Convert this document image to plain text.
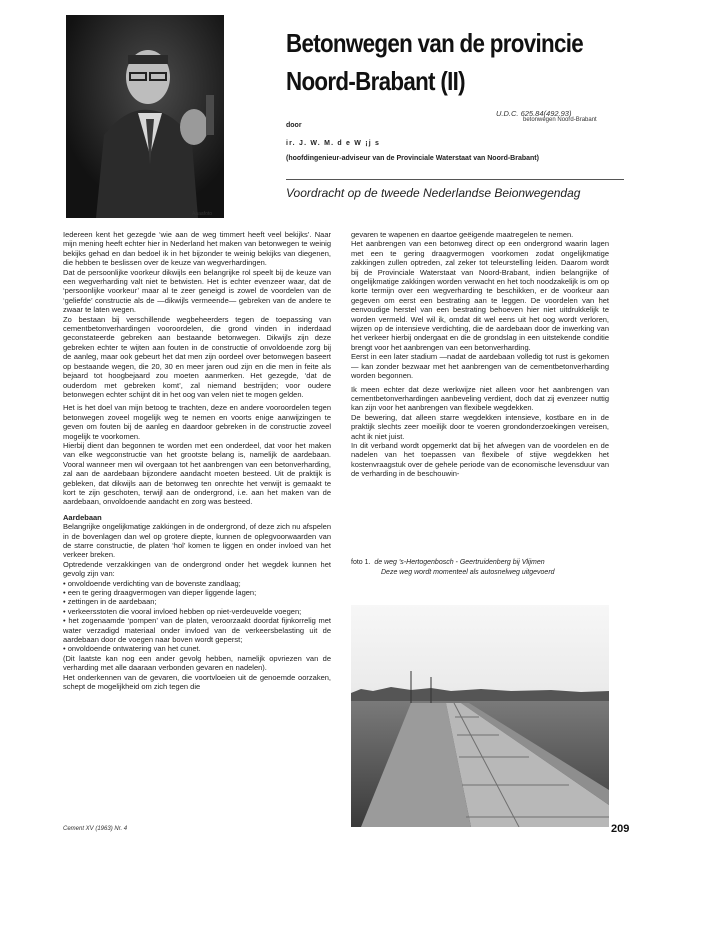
Aaaafoto
Betonwegen van de provincie
Noord-Brabant (II)
U.D.C. 625.84(492.93)
betonwegen Noord-Brabant
door
ir. J. W. M. d e W ¡j s
(hoofdingenieur-adviseur van de Provinciale Waterstaat van Noord-Brabant)
Voordracht op de tweede Nederlandse Beionwegendag

Iedereen kent het gezegde ‘wie aan de weg timmert heeft veel bekijks’. Naar mijn mening heeft echter hier in Nederland het maken van betonwegen te weinig bekijks gehad en dan bedoel ik in het bijzonder te weinig bekijks van diegenen, die hebben te beslissen over de keuze van wegverhardingen.

Dat de persoonlijke voorkeur dikwijls een belangrijke rol speelt bij de keuze van een wegverharding valt niet te betwisten. Het is echter evenzeer waar, dat de ‘persoonlijke voorkeur’ maar al te zeer geneigd is zowel de voordelen van de ‘geliefde’ constructie als de —dikwijls vermeende— gebreken van de andere te zwaar te laten wegen.

Zo bestaan bij verschillende wegbeheerders tegen de toepassing van cementbetonverhardingen vooroordelen, die grond vinden in inderdaad geconstateerde gebreken aan bestaande betonwegen. Dikwijls zijn deze gebreken echter te wijten aan fouten in de constructie of onvoldoende zorg bij de aanleg, maar ook gebeurt het dat men zijn oordeel over betonwegen baseert op bestaande wegen, die 20, 30 en meer jaren oud zijn en die men in feite als bejaard tot hoogbejaard zou moeten aanmerken. Het gezegde, ‘dat de ouderdom met gebreken komt’, zal niemand bestrijden; voor oudere betonwegen echter schijnt dit in het oog van velen niet te mogen gelden.

Het is het doel van mijn betoog te trachten, deze en andere vooroordelen tegen betonwegen zoveel mogelijk weg te nemen en voorts enige aanwijzingen te geven om fouten bij de aanleg en daardoor gebreken in de constructie zoveel mogelijk te voorkomen.

Hierbij dient dan begonnen te worden met een onderdeel, dat voor het maken van elke wegconstructie van het grootste belang is, namelijk de aardebaan. Vooral wanneer men wil overgaan tot het aanbrengen van een betonverharding, zal aan de aardebaan bijzondere aandacht moeten besteed. Uit de praktijk is gebleken, dat dikwijls aan de betonweg ten onrechte het verwijt is gemaakt te kort te zijn geschoten, terwijl aan de ondergrond, i.e. aan het maken van de aardebaan, onvoldoende aandacht en zorg was besteed.

Aardebaan

Belangrijke ongelijkmatige zakkingen in de ondergrond, of deze zich nu afspelen in de bovenlagen dan wel op grotere diepte, kunnen de oplegvoorwaarden van de starre constructie, de platen ‘hol’ komen te liggen en onder invloed van het verkeer breken.

Optredende verzakkingen van de ondergrond onder het wegdek kunnen het gevolg zijn van:

• onvoldoende verdichting van de bovenste zandlaag;

• een te gering draagvermogen van dieper liggende lagen;

• zettingen in de aardebaan;

• verkeersstoten die vooral invloed hebben op niet-verdeuvelde voegen;

• het zogenaamde ‘pompen’ van de platen, veroorzaakt doordat fijnkorrelig met water verzadigd materiaal onder invloed van de verkeersbelasting uit de aardebaan door de voegen naar boven wordt geperst;

• onvoldoende ontwatering van het cunet.

(Dit laatste kan nog een ander gevolg hebben, namelijk opvriezen van de verharding met alle daaraan verbonden gevaren en nadelen).

Het onderkennen van de gevaren, die voortvloeien uit de genoemde oorzaken, schept de mogelijkheid om zich tegen die

gevaren te wapenen en daartoe geëigende maatregelen te nemen.

Het aanbrengen van een betonweg direct op een ondergrond waarin lagen met een te gering draagvermogen voorkomen zodat ongelijkmatige zakkingen zullen optreden, zal zeker tot teleurstelling leiden. Daarom wordt bij de Provinciale Waterstaat van Noord-Brabant, indien belangrijke of ongelijkmatige zakkingen worden verwacht en het toch noodzakelijk is om op korte termijn over een wegverharding te beschikken, er de voorkeur aan gegeven om eerst een bestrating aan te leggen. De voordelen van het eenvoudige herstel van een bestrating behoeven hier niet uitdrukkelijk te worden vermeld. Wel wil ik, omdat dit wel eens uit het oog wordt verloren, wijzen op de intensieve verdichting, die de aardebaan door de inwerking van het verkeer hierbij ondergaat en die de grondslag in een uitstekende conditie brengt voor het aanbrengen van een betonverharding.

Eerst in een later stadium —nadat de aardebaan volledig tot rust is gekomen— kan zonder bezwaar met het aanbrengen van de cementbetonverharding worden begonnen.

Ik meen echter dat deze werkwijze niet alleen voor het aanbrengen van cementbetonverhardingen aanbeveling verdient, doch dat zij evenzeer nuttig kan zijn voor het aanbrengen van flexibele wegdekken.

De bewering, dat alleen starre wegdekken intensieve, kostbare en in de praktijk slechts zeer moeilijk door te voeren grondonderzoekingen vereisen, acht ik niet juist.

In dit verband wordt opgemerkt dat bij het afwegen van de voordelen en de nadelen van het toepassen van flexibele of stijve wegdekken het kostenvraagstuk over de gehele periode van de economische levensduur van de verharding in de beschouwin-

foto 1. de weg ’s-Hertogenbosch - Geertruidenberg bij Vlijmen
Deze weg wordt momenteel als autosnelweg uitgevoerd
Cement XV (1963) Nr. 4	209
